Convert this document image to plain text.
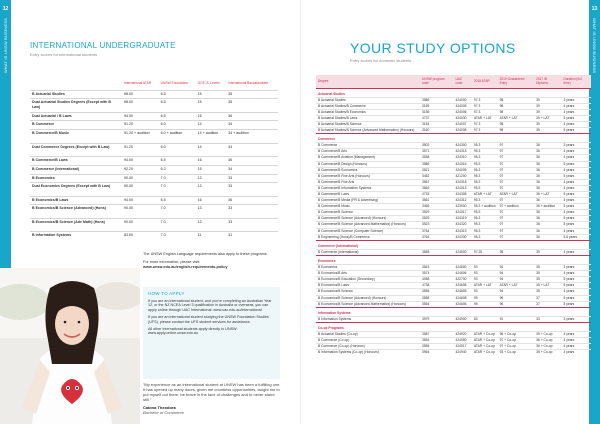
12
WHAT IS UNSW BUSINESS	INTERNATIONAL UNDERGRADUATE
Entry scores for international students
	International ATAR	UNSW Foundation	GCE 'A' Levels	International Baccalaureate
B Actuarial Studies	98.00	6.5	15	35
Dual Actuarial Studies Degrees (Except with B Law)	98.00	6.5	15	35
Dual Actuarial / B Laws	94.00	6.5	16	36
B Commerce	91.20	6.0	14	34
B Commerce/B Music	91.20 + audition	6.0 + audition	14 + audition	34 + audition
Dual Commerce Degrees (Except with B Law)	91.20	6.0	14	34
B Commerce/B Laws	94.00	6.5	16	36
B Commerce (International)	92.20	6.2	15	34
B Economics	90.00	7.0	13	33
Dual Economics Degrees (Except with B Law)	90.00	7.0	13	33
B Economics/B Laws	94.00	6.5	16	36
B Economics/B Science (Advanced) (Hons)	90.00	7.0	13	33
B Economics/B Science (Adv Math) (Hons)	90.00	7.0	13	33
B Information Systems	83.00	7.0	11	31

The UNSW English Language requirements also apply to these programs.

For more information, please visit:
www.unsw.edu.au/english-requirements-policy

HOW TO APPLY

If you are an international student, and you're completing an Australian Year 12, or the NZ NCEA Level 3 qualification in Australia or overseas, you can apply online through UAC International: www.uac.edu.au/international

If you are an international student studying the UNSW Foundation Studies (UFS), please contact the UFS student services for assistance.

All other international students apply directly to UNSW: www.apply.online.unsw.edu.au

"My experience as an international student at UNSW has been a fulfilling one. It has opened up many doors, given me countless opportunities, taught me to put myself out there, be brave in the face of challenges and to never stand still."
Cabina Theodora
Bachelor of Commerce
13
WHAT IS UNSW BUSINESS
YOUR STUDY OPTIONS
Entry scores for domestic students
Degree	UNSW program code	UAC code	2018 ATAR	2019 Guaranteed Entry	2017 IB Diploma	Duration (full time)
Actuarial Studies						
B Actuarial Studies	3586	424000	97.3	98	39	3 years
B Actuarial Studies/B Commerce	3155	424005	97.3	98	39	4 years
B Actuarial Studies/B Economics	3156	424006	97.3	98	39	4 years
B Actuarial Studies/B Laws	4737	424030	ATAR + LAT	ATAR + LAT	39 + LAT	5 years
B Actuarial Studies/B Science	3154	424007	97.3	98	39	4 years
B Actuarial Studies/B Science (Advanced Mathematics) (Honours)	3160	424008	97.3	98	39	5 years
Commerce						
B Commerce	3502	424300	95.3	97	36	3 years
B Commerce/B Arts	3571	424315	95.3	97	36	4 years
B Commerce/B Aviation (Management)	3538	424310	95.3	97	36	4 years
B Commerce/B Design (Honours)	3586	424316	95.3	97	36	5 years
B Commerce/B Economics	3521	424005	95.3	97	36	4 years
B Commerce/B Fine Arts (Honours)	3452	421200	95.3	97	36	5 years
B Commerce/B Fine Arts	3567	424318	95.3	97	36	4 years
B Commerce/B Information Systems	3564	424313	95.3	97	36	4 years
B Commerce/B Laws	4733	424308	ATAR + LAT	ATAR + LAT	36 + LAT	5 years
B Commerce/B Media (PR & Advertising)	3561	424312	95.3	97	36	4 years
B Commerce/B Music	3465	423900	95.3 + audition	97 + audition	36 + audition	5 years
B Commerce/B Science	3529	424317	95.3	97	36	4 years
B Commerce/B Science (Advanced) (Honours)	3525	424319	95.3	97	36	5 years
B Commerce/B Science (Advanced Mathematics) (Honours)	3523	424320	95.3	97	36	5 years
B Commerce/B Science (Computer Science)	3764	424319	95.3	97	36	4 years
B Engineering (Hons)/B Commerce	3764	424330	95.3	97	36	5.5 years
Commerce (International)						
B Commerce (International)	3558	424500	97.25	98	39	4 years
Economics						
B Economics	3543	424600	93	94	35	3 years
B Economics/B Arts	3574	424606	93	94	35	4 years
B Economics/B Education (Secondary)	4058	422700	93	94	35	5 years
B Economics/B Laws	4738	424608	ATAR + LAT	ATAR + LAT	35 + LAT	5 years
B Economics/B Science	3555	424605	93	94	35	4 years
B Economics/B Science (Advanced) (Honours)	3558	424608	95	96	37	5 years
B Economics/B Science (Advanced Mathematics) (Honours)	3564	424606	95	96	37	5 years
Information Systems						
B Information Systems	3979	424900	83	91	33	3 years
Co-op Programs						
B Actuarial Studies (Co-op)	3587	424920	ATAR + Co-op	98 + Co-op	39 + Co-op	4 years
B Commerce (Co-op)	3554	424950	ATAR + Co-op	97 + Co-op	36 + Co-op	4 years
B Commerce (Co-op) (Honours)	3555	424917	ATAR + Co-op	97 + Co-op	36 + Co-op	4 years
B Information Systems (Co-op) (Honours)	3964	424940	ATAR + Co-op	93 + Co-op	35 + Co-op	4 years
